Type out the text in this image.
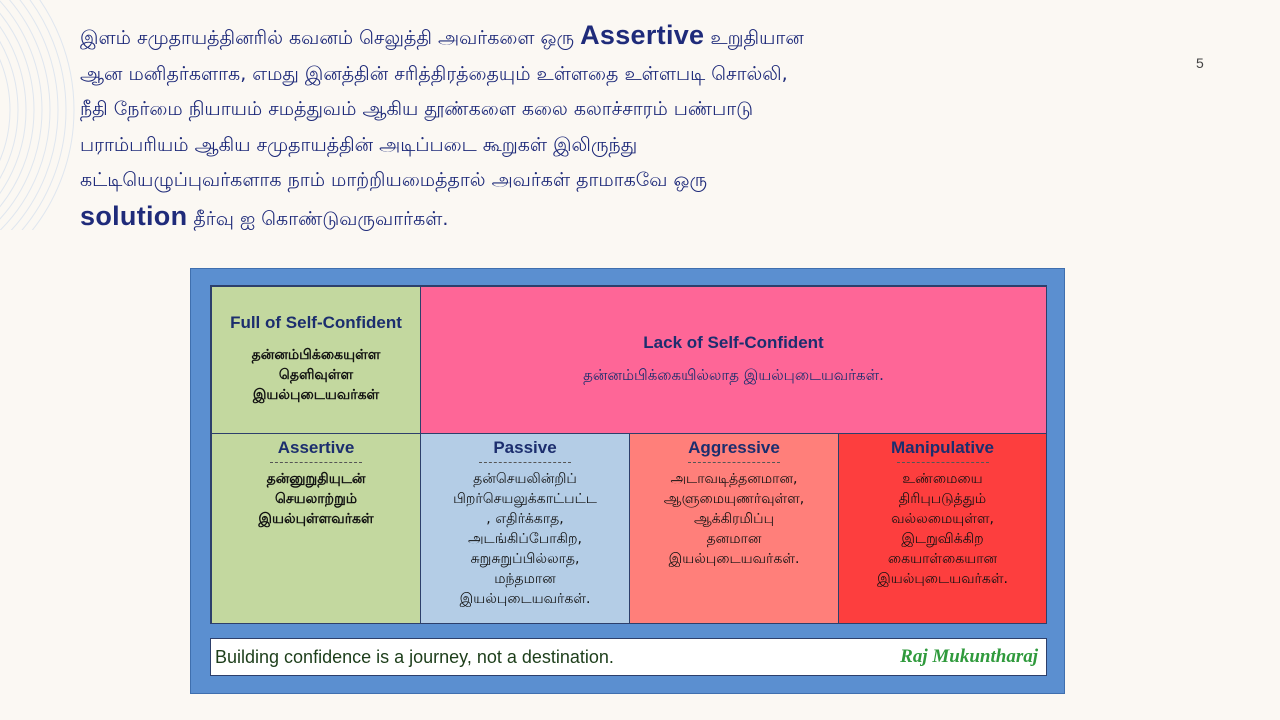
5
இளம் சமுதாயத்தினரில் கவனம் செலுத்தி அவர்களை ஒரு Assertive உறுதியான
ஆன மனிதர்களாக, எமது இனத்தின் சரித்திரத்தையும் உள்ளதை உள்ளபடி சொல்லி,
நீதி நேர்மை நியாயம் சமத்துவம் ஆகிய தூண்களை கலை கலாச்சாரம் பண்பாடு
பராம்பரியம் ஆகிய சமுதாயத்தின் அடிப்படை கூறுகள் இலிருந்து
கட்டியெழுப்புவர்களாக நாம் மாற்றியமைத்தால் அவர்கள் தாமாகவே ஒரு
solution தீர்வு ஐ கொண்டுவருவார்கள்.
Full of Self-Confident
தன்னம்பிக்கையுள்ள
தெளிவுள்ள
இயல்புடையவர்கள்
Lack of Self-Confident
தன்னம்பிக்கையில்லாத இயல்புடையவர்கள்.
Assertive
தன்னுறுதியுடன்
செயலாற்றும்
இயல்புள்ளவர்கள்
Passive
தன்செயலின்றிப்
பிறர்செயலுக்காட்பட்ட
, எதிர்க்காத,
அடங்கிப்போகிற,
சுறுசுறுப்பில்லாத,
மந்தமான
இயல்புடையவர்கள்.
Aggressive
அடாவடித்தனமான,
ஆளுமையுணர்வுள்ள,
ஆக்கிரமிப்பு
தனமான
இயல்புடையவர்கள்.
Manipulative
உண்மையை
திரிபுபடுத்தும்
வல்லமையுள்ள,
இடறுவிக்கிற
கையாள்கையான
இயல்புடையவர்கள்.
Building confidence is a journey, not a destination.	Raj Mukuntharaj
